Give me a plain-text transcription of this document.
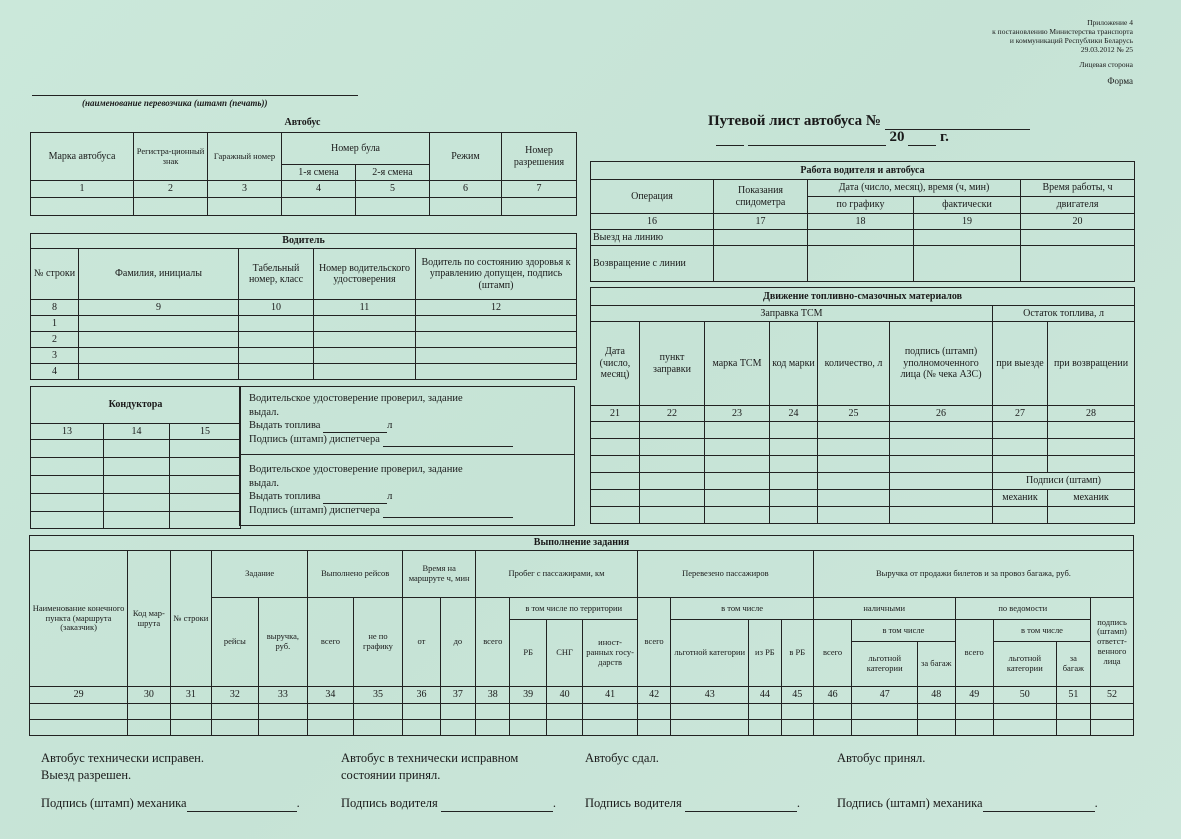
Приложение 4
к постановлению Министерства транспорта
и коммуникаций Республики Беларусь
29.03.2012 № 25
Лицевая сторона
Форма
(наименование перевозчика (штамп (печать))
Путевой лист автобуса №
20 г.
Автобус
Марка автобуса	Регистра-ционный знак	Гаражный номер	Номер була		Режим	Номер разрешения
			1-я смена	2-я смена		
1	2	3	4	5	6	7

Водитель				
№ строки	Фамилия, инициалы	Табельный номер, класс	Номер водительского удостоверения	Водитель по состоянию здоровья к управлению допущен, подпись (штамп)
8	9	10	11	12
1				
2				
3				
4				
Кондуктора		
13	14	15

Водительское удостоверение проверил, задание
выдал.
Выдать топлива	л
Подпись (штамп) диспетчера
Водительское удостоверение проверил, задание
выдал.
Выдать топлива	л
Подпись (штамп) диспетчера
Работа водителя и автобуса				
Операция	Показания спидометра	Дата (число, месяц), время (ч, мин)		Время работы, ч
		по графику	фактически	двигателя
16	17	18	19	20
Выезд на линию				
Возвращение с линии				
Движение топливно-смазочных материалов							
Заправка ТСМ						Остаток топлива, л	
Дата (число, месяц)	пункт заправки	марка ТСМ	код марки	количество, л	подпись (штамп) уполномоченного лица (№ чека АЗС)	при выезде	при возвращении
21	22	23	24	25	26	27	28

						Подписи (штамп)	
						механик	механик

Выполнение задания																							
Наименование конечного пункта (маршрута (заказчик)	Код мар-шрута	№ строки	Задание		Выполнено рейсов		Время на маршруте ч, мин		Пробег с пассажирами, км				Перевезено пассажиров				Выручка от продажи билетов и за провоз багажа, руб.						
			рейсы	выручка, руб.	всего	не по графику	от	до	всего	в том числе по территории			всего	в том числе			наличными			по ведомости			подпись (штамп) ответст-венного лица
										РБ	СНГ	иност-ранных госу-дарств		льготной категории	из РБ	в РБ	всего	в том числе		всего	в том числе		
																		льготной категории	за багаж		льготной категории	за багаж	
29	30	31	32	33	34	35	36	37	38	39	40	41	42	43	44	45	46	47	48	49	50	51	52

Автобус технически исправен.
Выезд разрешен.
Подпись (штамп) механика	.
Автобус в технически исправном
состоянии принял.
Подпись водителя	.
Автобус сдал.
Подпись водителя	.
Автобус принял.
Подпись (штамп) механика	.
